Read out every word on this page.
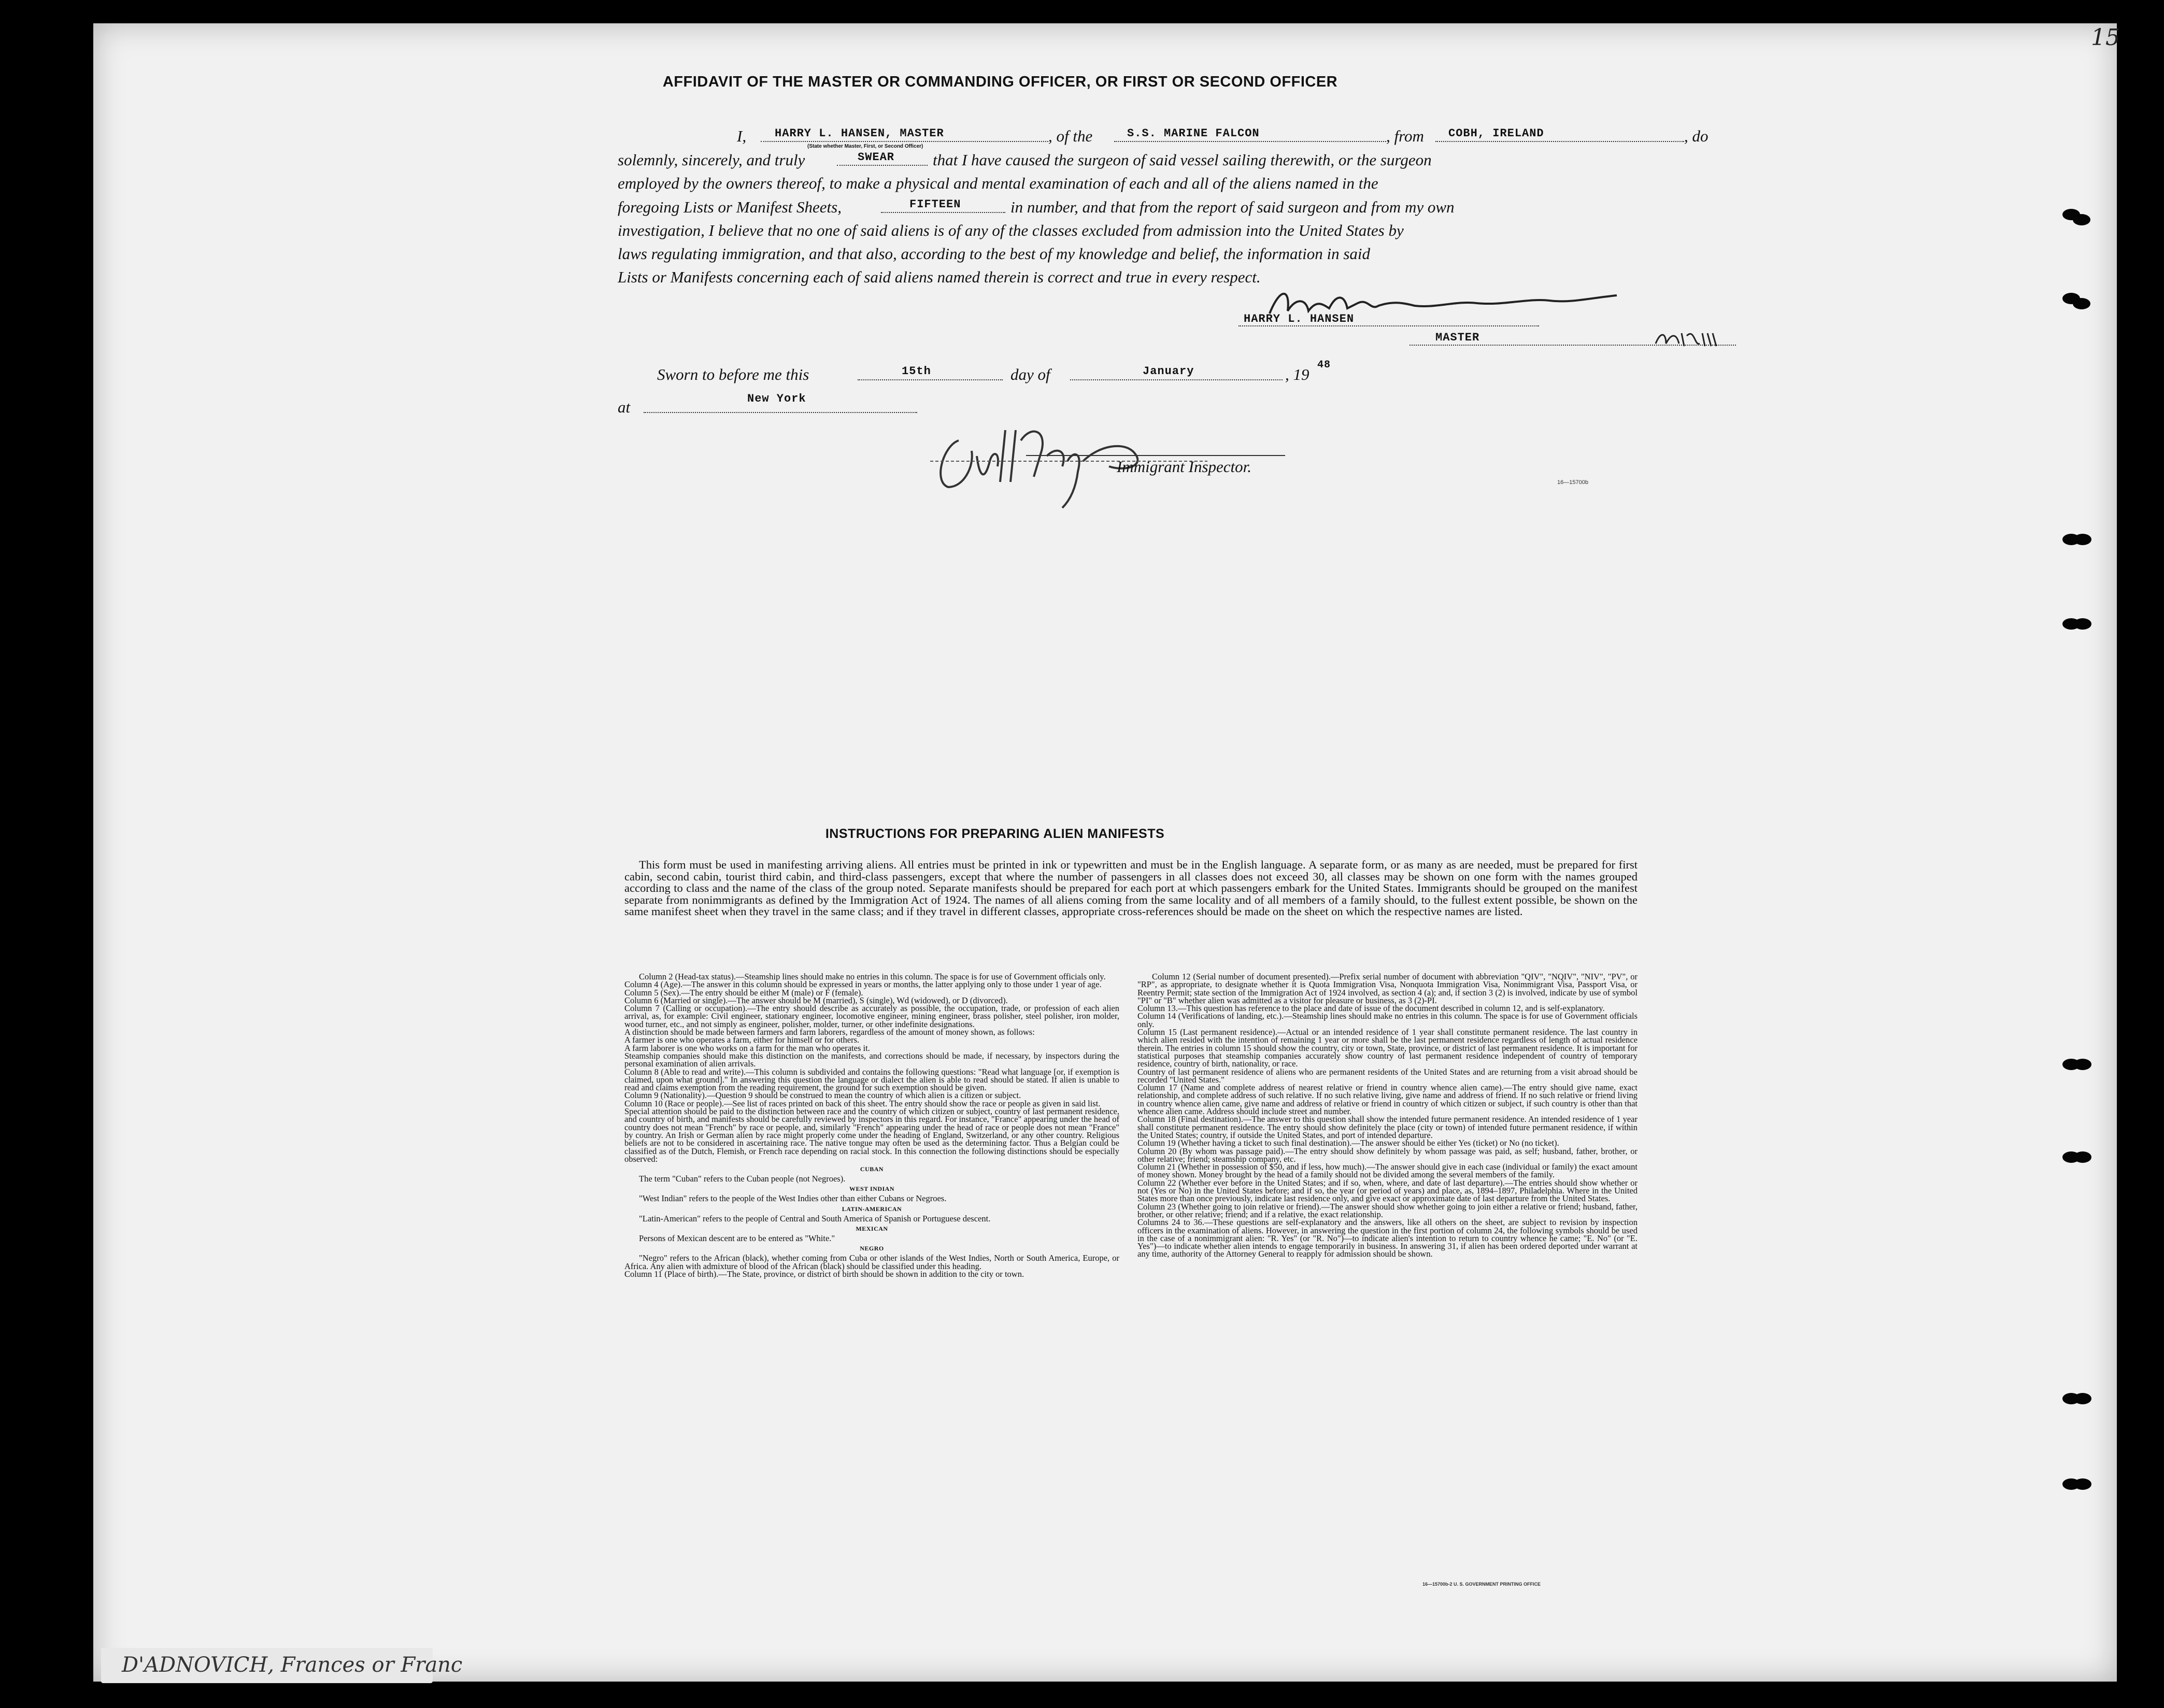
15
AFFIDAVIT OF THE MASTER OR COMMANDING OFFICER, OR FIRST OR SECOND OFFICER
I, HARRY L. HANSEN, MASTER
(State whether Master, First, or Second Officer)
, of the	S.S. MARINE FALCON	, from COBH, IRELAND	, do
solemnly, sincerely, and truly	SWEAR that I have caused the surgeon of said vessel sailing therewith, or the surgeon
employed by the owners thereof, to make a physical and mental examination of each and all of the aliens named in the
foregoing Lists or Manifest Sheets,	FIFTEEN	in number, and that from the report of said surgeon and from my own
investigation, I believe that no one of said aliens is of any of the classes excluded from admission into the United States by
laws regulating immigration, and that also, according to the best of my knowledge and belief, the information in said
Lists or Manifests concerning each of said aliens named therein is correct and true in every respect.
HARRY L. HANSEN
MASTER
Sworn to before me this	15th	day of	January	, 19
48
at	New York
Immigrant Inspector.
16—15700b
INSTRUCTIONS FOR PREPARING ALIEN MANIFESTS
This form must be used in manifesting arriving aliens. All entries must be printed in ink or typewritten and must be in the English language. A separate form, or as many as are needed, must be prepared for first cabin, second cabin, tourist third cabin, and third-class passengers, except that where the number of passengers in all classes does not exceed 30, all classes may be shown on one form with the names grouped according to class and the name of the class of the group noted. Separate manifests should be prepared for each port at which passengers embark for the United States. Immigrants should be grouped on the manifest separate from nonimmigrants as defined by the Immigration Act of 1924. The names of all aliens coming from the same locality and of all members of a family should, to the fullest extent possible, be shown on the same manifest sheet when they travel in the same class; and if they travel in different classes, appropriate cross-references should be made on the sheet on which the respective names are listed.
Column 2 (Head-tax status).—Steamship lines should make no entries in this column. The space is for use of Government officials only.
Column 4 (Age).—The answer in this column should be expressed in years or months, the latter applying only to those under 1 year of age.
Column 5 (Sex).—The entry should be either M (male) or F (female).
Column 6 (Married or single).—The answer should be M (married), S (single), Wd (widowed), or D (divorced).
Column 7 (Calling or occupation).—The entry should describe as accurately as possible, the occupation, trade, or profession of each alien arrival, as, for example: Civil engineer, stationary engineer, locomotive engineer, mining engineer, brass polisher, steel polisher, iron molder, wood turner, etc., and not simply as engineer, polisher, molder, turner, or other indefinite designations.
A distinction should be made between farmers and farm laborers, regardless of the amount of money shown, as follows:
A farmer is one who operates a farm, either for himself or for others.
A farm laborer is one who works on a farm for the man who operates it.
Steamship companies should make this distinction on the manifests, and corrections should be made, if necessary, by inspectors during the personal examination of alien arrivals.
Column 8 (Able to read and write).—This column is subdivided and contains the following questions: "Read what language [or, if exemption is claimed, upon what ground]." In answering this question the language or dialect the alien is able to read should be stated. If alien is unable to read and claims exemption from the reading requirement, the ground for such exemption should be given.
Column 9 (Nationality).—Question 9 should be construed to mean the country of which alien is a citizen or subject.
Column 10 (Race or people).—See list of races printed on back of this sheet. The entry should show the race or people as given in said list.
Special attention should be paid to the distinction between race and the country of which citizen or subject, country of last permanent residence, and country of birth, and manifests should be carefully reviewed by inspectors in this regard. For instance, "France" appearing under the head of country does not mean "French" by race or people, and, similarly "French" appearing under the head of race or people does not mean "France" by country. An Irish or German alien by race might properly come under the heading of England, Switzerland, or any other country. Religious beliefs are not to be considered in ascertaining race. The native tongue may often be used as the determining factor. Thus a Belgian could be classified as of the Dutch, Flemish, or French race depending on racial stock. In this connection the following distinctions should be especially observed:
CUBAN
The term "Cuban" refers to the Cuban people (not Negroes).
WEST INDIAN
"West Indian" refers to the people of the West Indies other than either Cubans or Negroes.
LATIN-AMERICAN
"Latin-American" refers to the people of Central and South America of Spanish or Portuguese descent.
MEXICAN
Persons of Mexican descent are to be entered as "White."
NEGRO
"Negro" refers to the African (black), whether coming from Cuba or other islands of the West Indies, North or South America, Europe, or Africa. Any alien with admixture of blood of the African (black) should be classified under this heading.
Column 11 (Place of birth).—The State, province, or district of birth should be shown in addition to the city or town.
Column 12 (Serial number of document presented).—Prefix serial number of document with abbreviation "QIV", "NQIV", "NIV", "PV", or "RP", as appropriate, to designate whether it is Quota Immigration Visa, Nonquota Immigration Visa, Nonimmigrant Visa, Passport Visa, or Reentry Permit; state section of the Immigration Act of 1924 involved, as section 4 (a); and, if section 3 (2) is involved, indicate by use of symbol "PI" or "B" whether alien was admitted as a visitor for pleasure or business, as 3 (2)-PI.
Column 13.—This question has reference to the place and date of issue of the document described in column 12, and is self-explanatory.
Column 14 (Verifications of landing, etc.).—Steamship lines should make no entries in this column. The space is for use of Government officials only.
Column 15 (Last permanent residence).—Actual or an intended residence of 1 year shall constitute permanent residence. The last country in which alien resided with the intention of remaining 1 year or more shall be the last permanent residence regardless of length of actual residence therein. The entries in column 15 should show the country, city or town, State, province, or district of last permanent residence. It is important for statistical purposes that steamship companies accurately show country of last permanent residence independent of country of temporary residence, country of birth, nationality, or race.
Country of last permanent residence of aliens who are permanent residents of the United States and are returning from a visit abroad should be recorded "United States."
Column 17 (Name and complete address of nearest relative or friend in country whence alien came).—The entry should give name, exact relationship, and complete address of such relative. If no such relative living, give name and address of friend. If no such relative or friend living in country whence alien came, give name and address of relative or friend in country of which citizen or subject, if such country is other than that whence alien came. Address should include street and number.
Column 18 (Final destination).—The answer to this question shall show the intended future permanent residence. An intended residence of 1 year shall constitute permanent residence. The entry should show definitely the place (city or town) of intended future permanent residence, if within the United States; country, if outside the United States, and port of intended departure.
Column 19 (Whether having a ticket to such final destination).—The answer should be either Yes (ticket) or No (no ticket).
Column 20 (By whom was passage paid).—The entry should show definitely by whom passage was paid, as self; husband, father, brother, or other relative; friend; steamship company, etc.
Column 21 (Whether in possession of $50, and if less, how much).—The answer should give in each case (individual or family) the exact amount of money shown. Money brought by the head of a family should not be divided among the several members of the family.
Column 22 (Whether ever before in the United States; and if so, when, where, and date of last departure).—The entries should show whether or not (Yes or No) in the United States before; and if so, the year (or period of years) and place, as, 1894–1897, Philadelphia. Where in the United States more than once previously, indicate last residence only, and give exact or approximate date of last departure from the United States.
Column 23 (Whether going to join relative or friend).—The answer should show whether going to join either a relative or friend; husband, father, brother, or other relative; friend; and if a relative, the exact relationship.
Columns 24 to 36.—These questions are self-explanatory and the answers, like all others on the sheet, are subject to revision by inspection officers in the examination of aliens. However, in answering the question in the first portion of column 24, the following symbols should be used in the case of a nonimmigrant alien: "R. Yes" (or "R. No")—to indicate alien's intention to return to country whence he came; "E. No" (or "E. Yes")—to indicate whether alien intends to engage temporarily in business. In answering 31, if alien has been ordered deported under warrant at any time, authority of the Attorney General to reapply for admission should be shown.
16—15700b-2 U. S. GOVERNMENT PRINTING OFFICE
D'ADNOVICH, Frances or Franc
